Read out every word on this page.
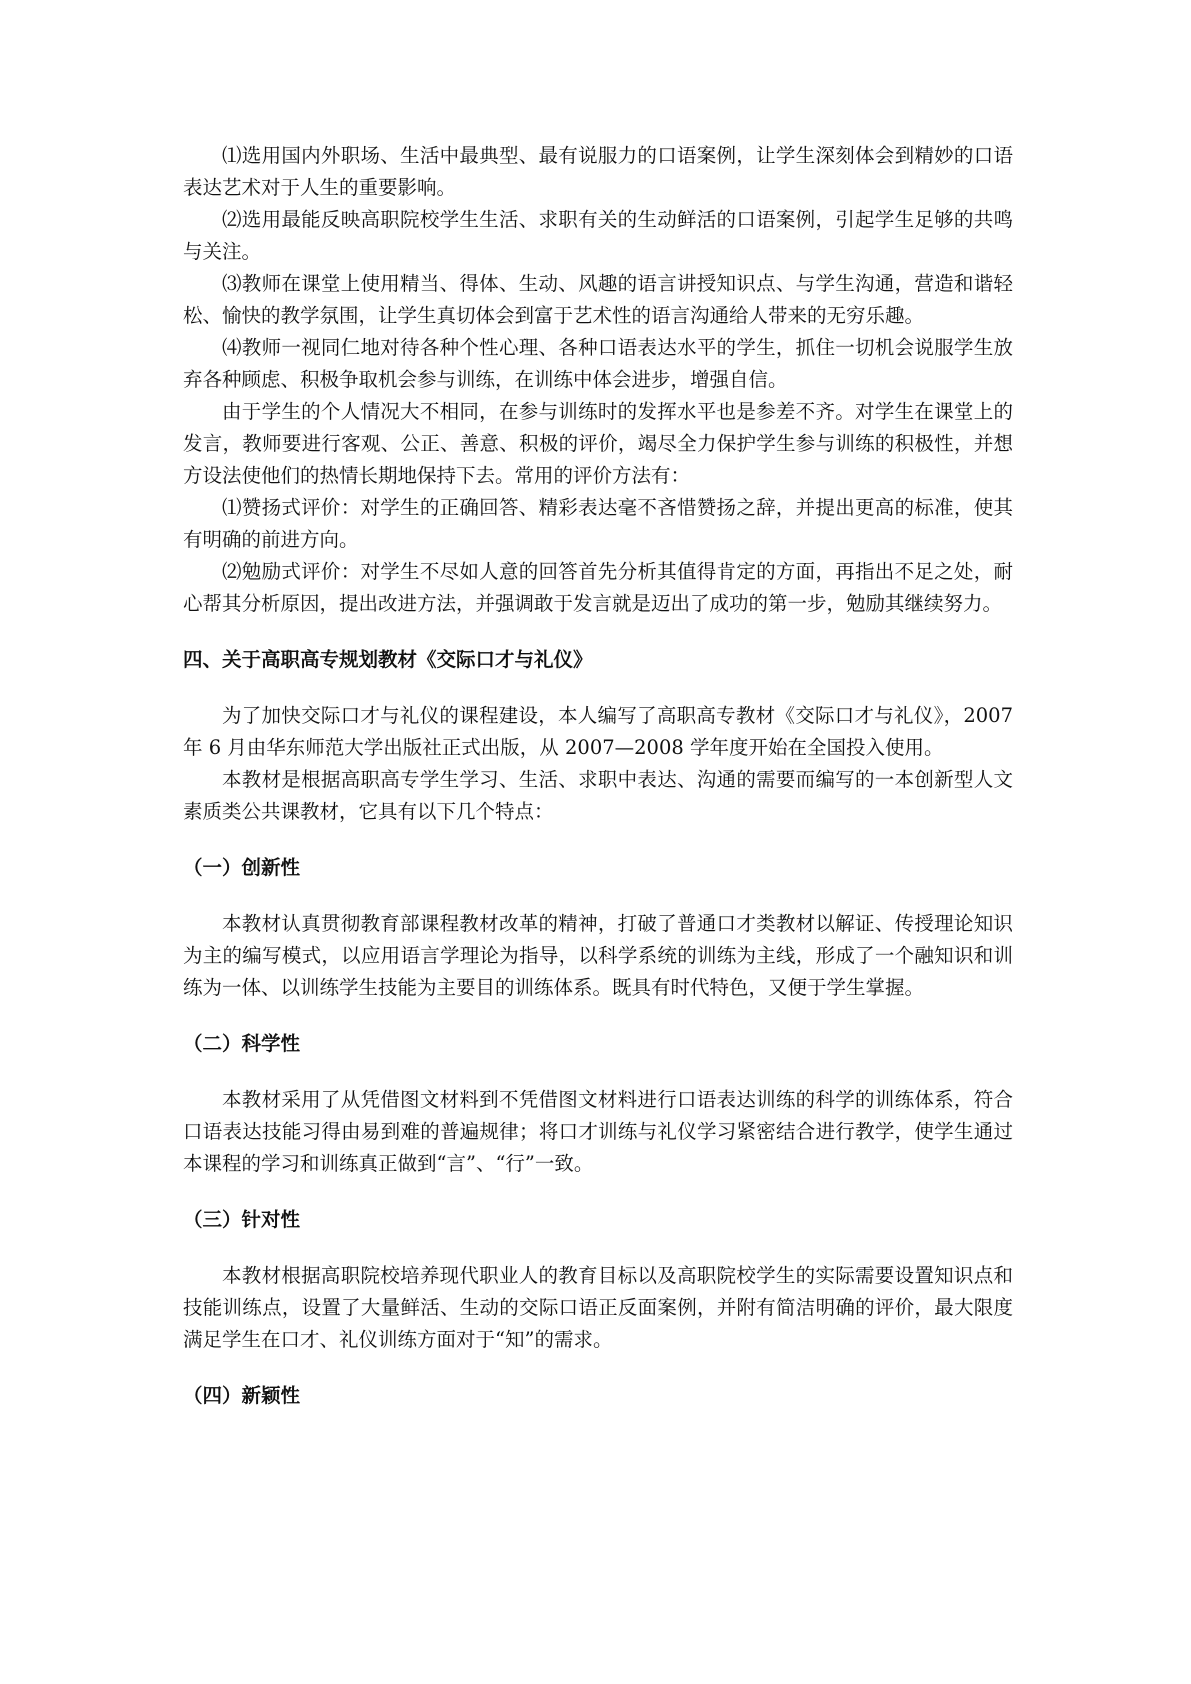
⑴选用国内外职场、生活中最典型、最有说服力的口语案例，让学生深刻体会到精妙的口语表达艺术对于人生的重要影响。

⑵选用最能反映高职院校学生生活、求职有关的生动鲜活的口语案例，引起学生足够的共鸣与关注。

⑶教师在课堂上使用精当、得体、生动、风趣的语言讲授知识点、与学生沟通，营造和谐轻松、愉快的教学氛围，让学生真切体会到富于艺术性的语言沟通给人带来的无穷乐趣。

⑷教师一视同仁地对待各种个性心理、各种口语表达水平的学生，抓住一切机会说服学生放弃各种顾虑、积极争取机会参与训练，在训练中体会进步，增强自信。

由于学生的个人情况大不相同，在参与训练时的发挥水平也是参差不齐。对学生在课堂上的发言，教师要进行客观、公正、善意、积极的评价，竭尽全力保护学生参与训练的积极性，并想方设法使他们的热情长期地保持下去。常用的评价方法有：

⑴赞扬式评价：对学生的正确回答、精彩表达毫不吝惜赞扬之辞，并提出更高的标准，使其有明确的前进方向。

⑵勉励式评价：对学生不尽如人意的回答首先分析其值得肯定的方面，再指出不足之处，耐心帮其分析原因，提出改进方法，并强调敢于发言就是迈出了成功的第一步，勉励其继续努力。

四、关于高职高专规划教材《交际口才与礼仪》

为了加快交际口才与礼仪的课程建设，本人编写了高职高专教材《交际口才与礼仪》，2007 年 6 月由华东师范大学出版社正式出版，从 2007—2008 学年度开始在全国投入使用。

本教材是根据高职高专学生学习、生活、求职中表达、沟通的需要而编写的一本创新型人文素质类公共课教材，它具有以下几个特点：

（一）创新性

本教材认真贯彻教育部课程教材改革的精神，打破了普通口才类教材以解证、传授理论知识为主的编写模式，以应用语言学理论为指导，以科学系统的训练为主线，形成了一个融知识和训练为一体、以训练学生技能为主要目的训练体系。既具有时代特色，又便于学生掌握。

（二）科学性

本教材采用了从凭借图文材料到不凭借图文材料进行口语表达训练的科学的训练体系，符合口语表达技能习得由易到难的普遍规律；将口才训练与礼仪学习紧密结合进行教学，使学生通过本课程的学习和训练真正做到“言”、“行”一致。

（三）针对性

本教材根据高职院校培养现代职业人的教育目标以及高职院校学生的实际需要设置知识点和技能训练点，设置了大量鲜活、生动的交际口语正反面案例，并附有简洁明确的评价，最大限度满足学生在口才、礼仪训练方面对于“知”的需求。

（四）新颖性
